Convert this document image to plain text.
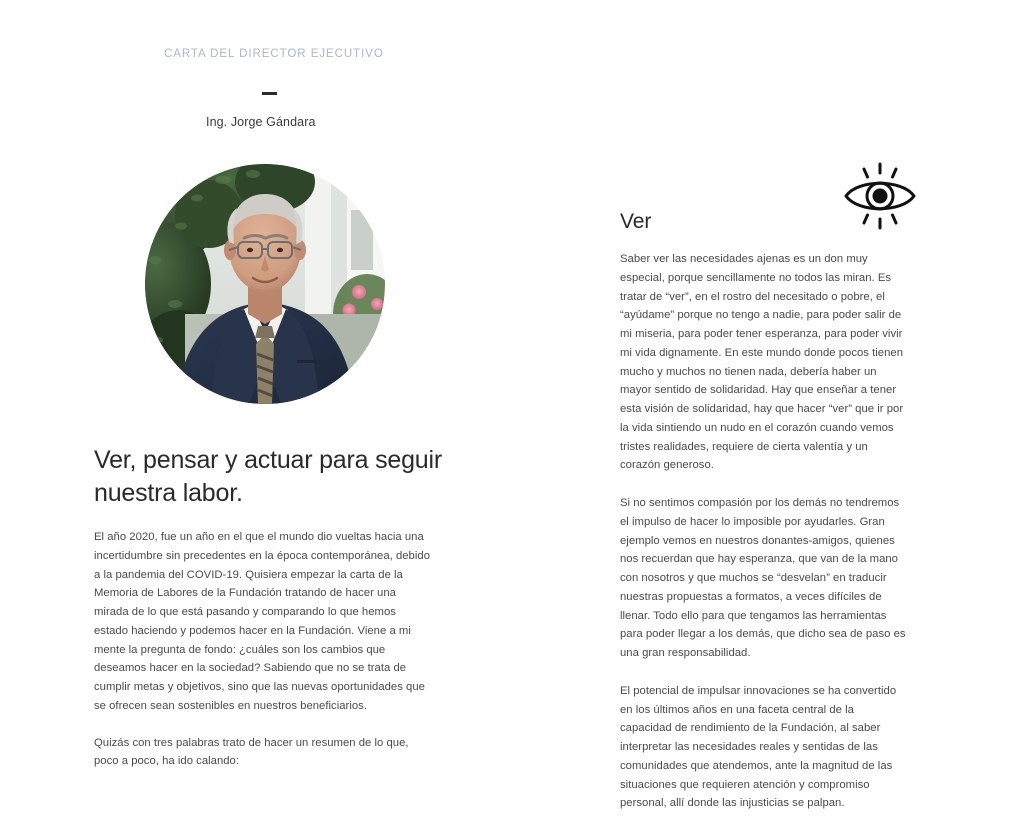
CARTA DEL DIRECTOR EJECUTIVO
Ing. Jorge Gándara
Ver, pensar y actuar para seguir nuestra labor.

El año 2020, fue un año en el que el mundo dio vueltas hacia una incertidumbre sin precedentes en la época contemporánea, debido a la pandemia del COVID-19. Quisiera empezar la carta de la Memoria de Labores de la Fundación tratando de hacer una mirada de lo que está pasando y comparando lo que hemos estado haciendo y podemos hacer en la Fundación. Viene a mi mente la pregunta de fondo: ¿cuáles son los cambios que deseamos hacer en la sociedad? Sabiendo que no se trata de cumplir metas y objetivos, sino que las nuevas oportunidades que se ofrecen sean sostenibles en nuestros beneficiarios.

Quizás con tres palabras trato de hacer un resumen de lo que, poco a poco, ha ido calando:

Ver

Saber ver las necesidades ajenas es un don muy especial, porque sencillamente no todos las miran. Es tratar de “ver”, en el rostro del necesitado o pobre, el “ayúdame” porque no tengo a nadie, para poder salir de mi miseria, para poder tener esperanza, para poder vivir mi vida dignamente. En este mundo donde pocos tienen mucho y muchos no tienen nada, debería haber un mayor sentido de solidaridad. Hay que enseñar a tener esta visión de solidaridad, hay que hacer “ver” que ir por la vida sintiendo un nudo en el corazón cuando vemos tristes realidades, requiere de cierta valentía y un corazón generoso.

Si no sentimos compasión por los demás no tendremos el impulso de hacer lo imposible por ayudarles. Gran ejemplo vemos en nuestros donantes-amigos, quienes nos recuerdan que hay esperanza, que van de la mano con nosotros y que muchos se “desvelan” en traducir nuestras propuestas a formatos, a veces difíciles de llenar. Todo ello para que tengamos las herramientas para poder llegar a los demás, que dicho sea de paso es una gran responsabilidad.

El potencial de impulsar innovaciones se ha convertido en los últimos años en una faceta central de la capacidad de rendimiento de la Fundación, al saber interpretar las necesidades reales y sentidas de las comunidades que atendemos, ante la magnitud de las situaciones que requieren atención y compromiso personal, allí donde las injusticias se palpan.
